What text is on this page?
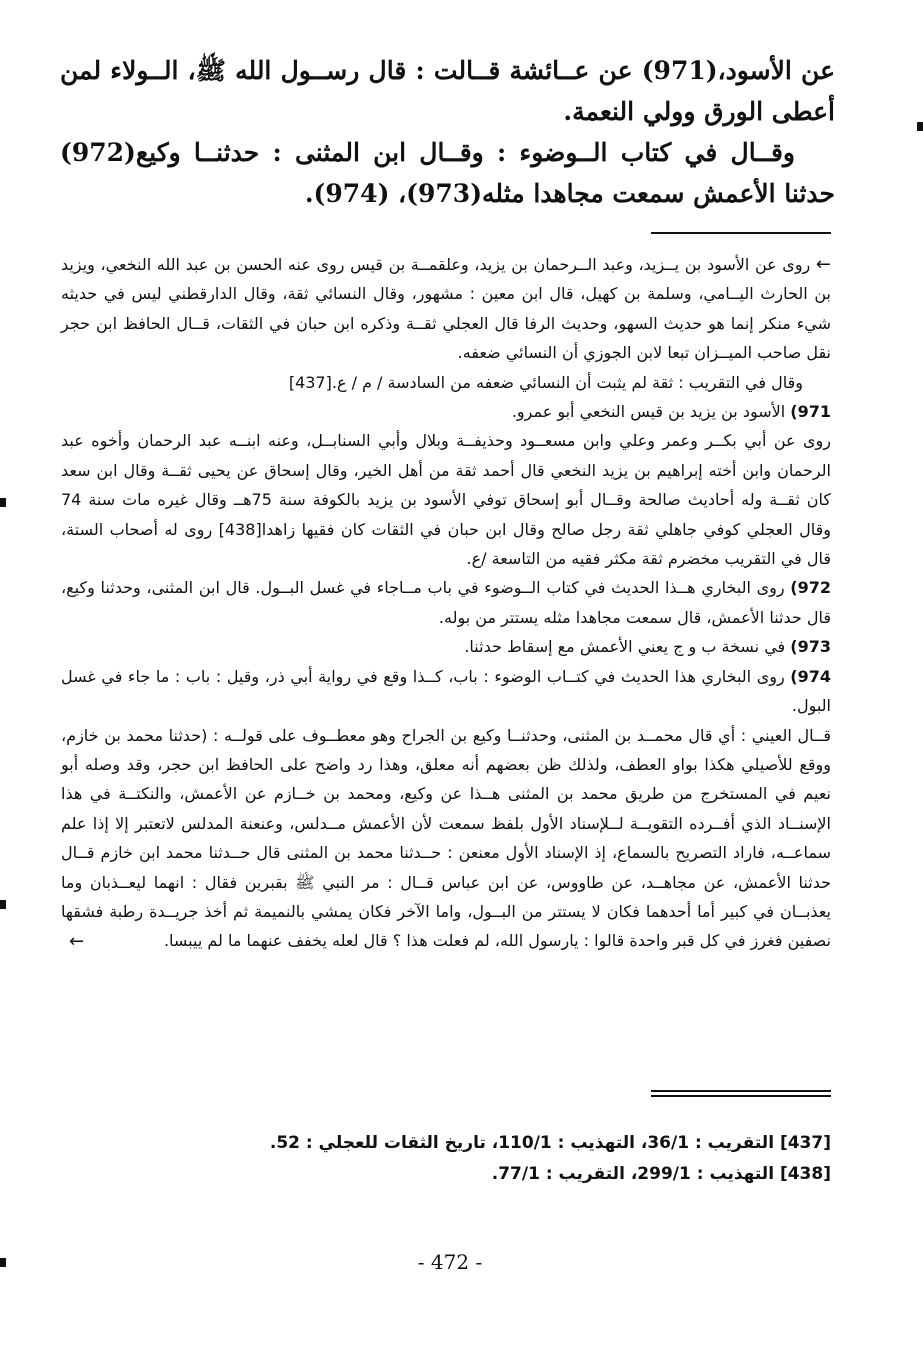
عن الأسود،(971) عن عــائشة قــالت : قال رســول الله ﷺ، الــولاء لمن أعطى الورق وولي النعمة.

وقــال في كتاب الــوضوء : وقــال ابن المثنى : حدثنــا وكيع(972) حدثنا الأعمش سمعت مجاهدا مثله(973)، (974).

← روى عن الأسود بن يــزيد، وعبد الــرحمان بن يزيد، وعلقمــة بن قيس روى عنه الحسن بن عبد الله النخعي، ويزيد بن الحارث اليــامي، وسلمة بن كهيل، قال ابن معين : مشهور، وقال النسائي ثقة، وقال الدارقطني ليس في حديثه شيء منكر إنما هو حديث السهو، وحديث الرفا قال العجلي ثقــة وذكره ابن حبان في الثقات، قــال الحافظ ابن حجر نقل صاحب الميــزان تبعا لابن الجوزي أن النسائي ضعفه.

وقال في التقريب : ثقة لم يثبت أن النسائي ضعفه من السادسة / م / ع.[437]

971) الأسود بن يزيد بن قيس النخعي أبو عمرو.

روى عن أبي بكــر وعمر وعلي وابن مسعــود وحذيفــة وبلال وأبي السنابــل، وعنه ابنــه عبد الرحمان وأخوه عبد الرحمان وابن أخته إبراهيم بن يزيد النخعي قال أحمد ثقة من أهل الخير، وقال إسحاق عن يحيى ثقــة وقال ابن سعد كان ثقــة وله أحاديث صالحة وقــال أبو إسحاق توفي الأسود بن يزيد بالكوفة سنة 75هــ وقال غيره مات سنة 74 وقال العجلي كوفي جاهلي ثقة رجل صالح وقال ابن حبان في الثقات كان فقيها زاهدا[438] روى له أصحاب الستة، قال في التقريب مخضرم ثقة مكثر فقيه من التاسعة /ع.

972) روى البخاري هــذا الحديث في كتاب الــوضوء في باب مــاجاء في غسل البــول. قال ابن المثنى، وحدثنا وكيع، قال حدثنا الأعمش، قال سمعت مجاهدا مثله يستتر من بوله.

973) في نسخة ب و ج يعني الأعمش مع إسقاط حدثنا.

974) روى البخاري هذا الحديث في كتــاب الوضوء : باب، كــذا وقع في رواية أبي ذر، وقيل : باب : ما جاء في غسل البول.

قــال العيني : أي قال محمــد بن المثنى، وحدثنــا وكيع بن الجراح وهو معطــوف على قولــه : (حدثنا محمد بن خازم، ووقع للأصيلي هكذا بواو العطف، ولذلك ظن بعضهم أنه معلق، وهذا رد واضح على الحافظ ابن حجر، وقد وصله أبو نعيم في المستخرج من طريق محمد بن المثنى هــذا عن وكيع، ومحمد بن خــازم عن الأعمش، والنكتــة في هذا الإسنــاد الذي أفــرده التقويــة لــلإسناد الأول بلفظ سمعت لأن الأعمش مــدلس، وعنعنة المدلس لاتعتبر إلا إذا علم سماعــه، فاراد التصريح بالسماع، إذ الإسناد الأول معنعن : حــدثنا محمد بن المثنى قال حــدثنا محمد ابن خازم قــال حدثنا الأعمش، عن مجاهــد، عن طاووس، عن ابن عباس قــال : مر النبي ﷺ بقبرين فقال : انهما ليعــذبان وما يعذبــان في كبير أما أحدهما فكان لا يستتر من البــول، واما الآخر فكان يمشي بالنميمة ثم أخذ جريــدة رطبة فشقها نصفين فغرز في كل قبر واحدة قالوا : يارسول الله، لم فعلت هذا ؟ قال لعله يخفف عنهما ما لم ييبسا.

←

[437] التقريب : 36/1، التهذيب : 110/1، تاريخ الثقات للعجلي : 52.

[438] التهذيب : 299/1، التقريب : 77/1.

- 472 -
